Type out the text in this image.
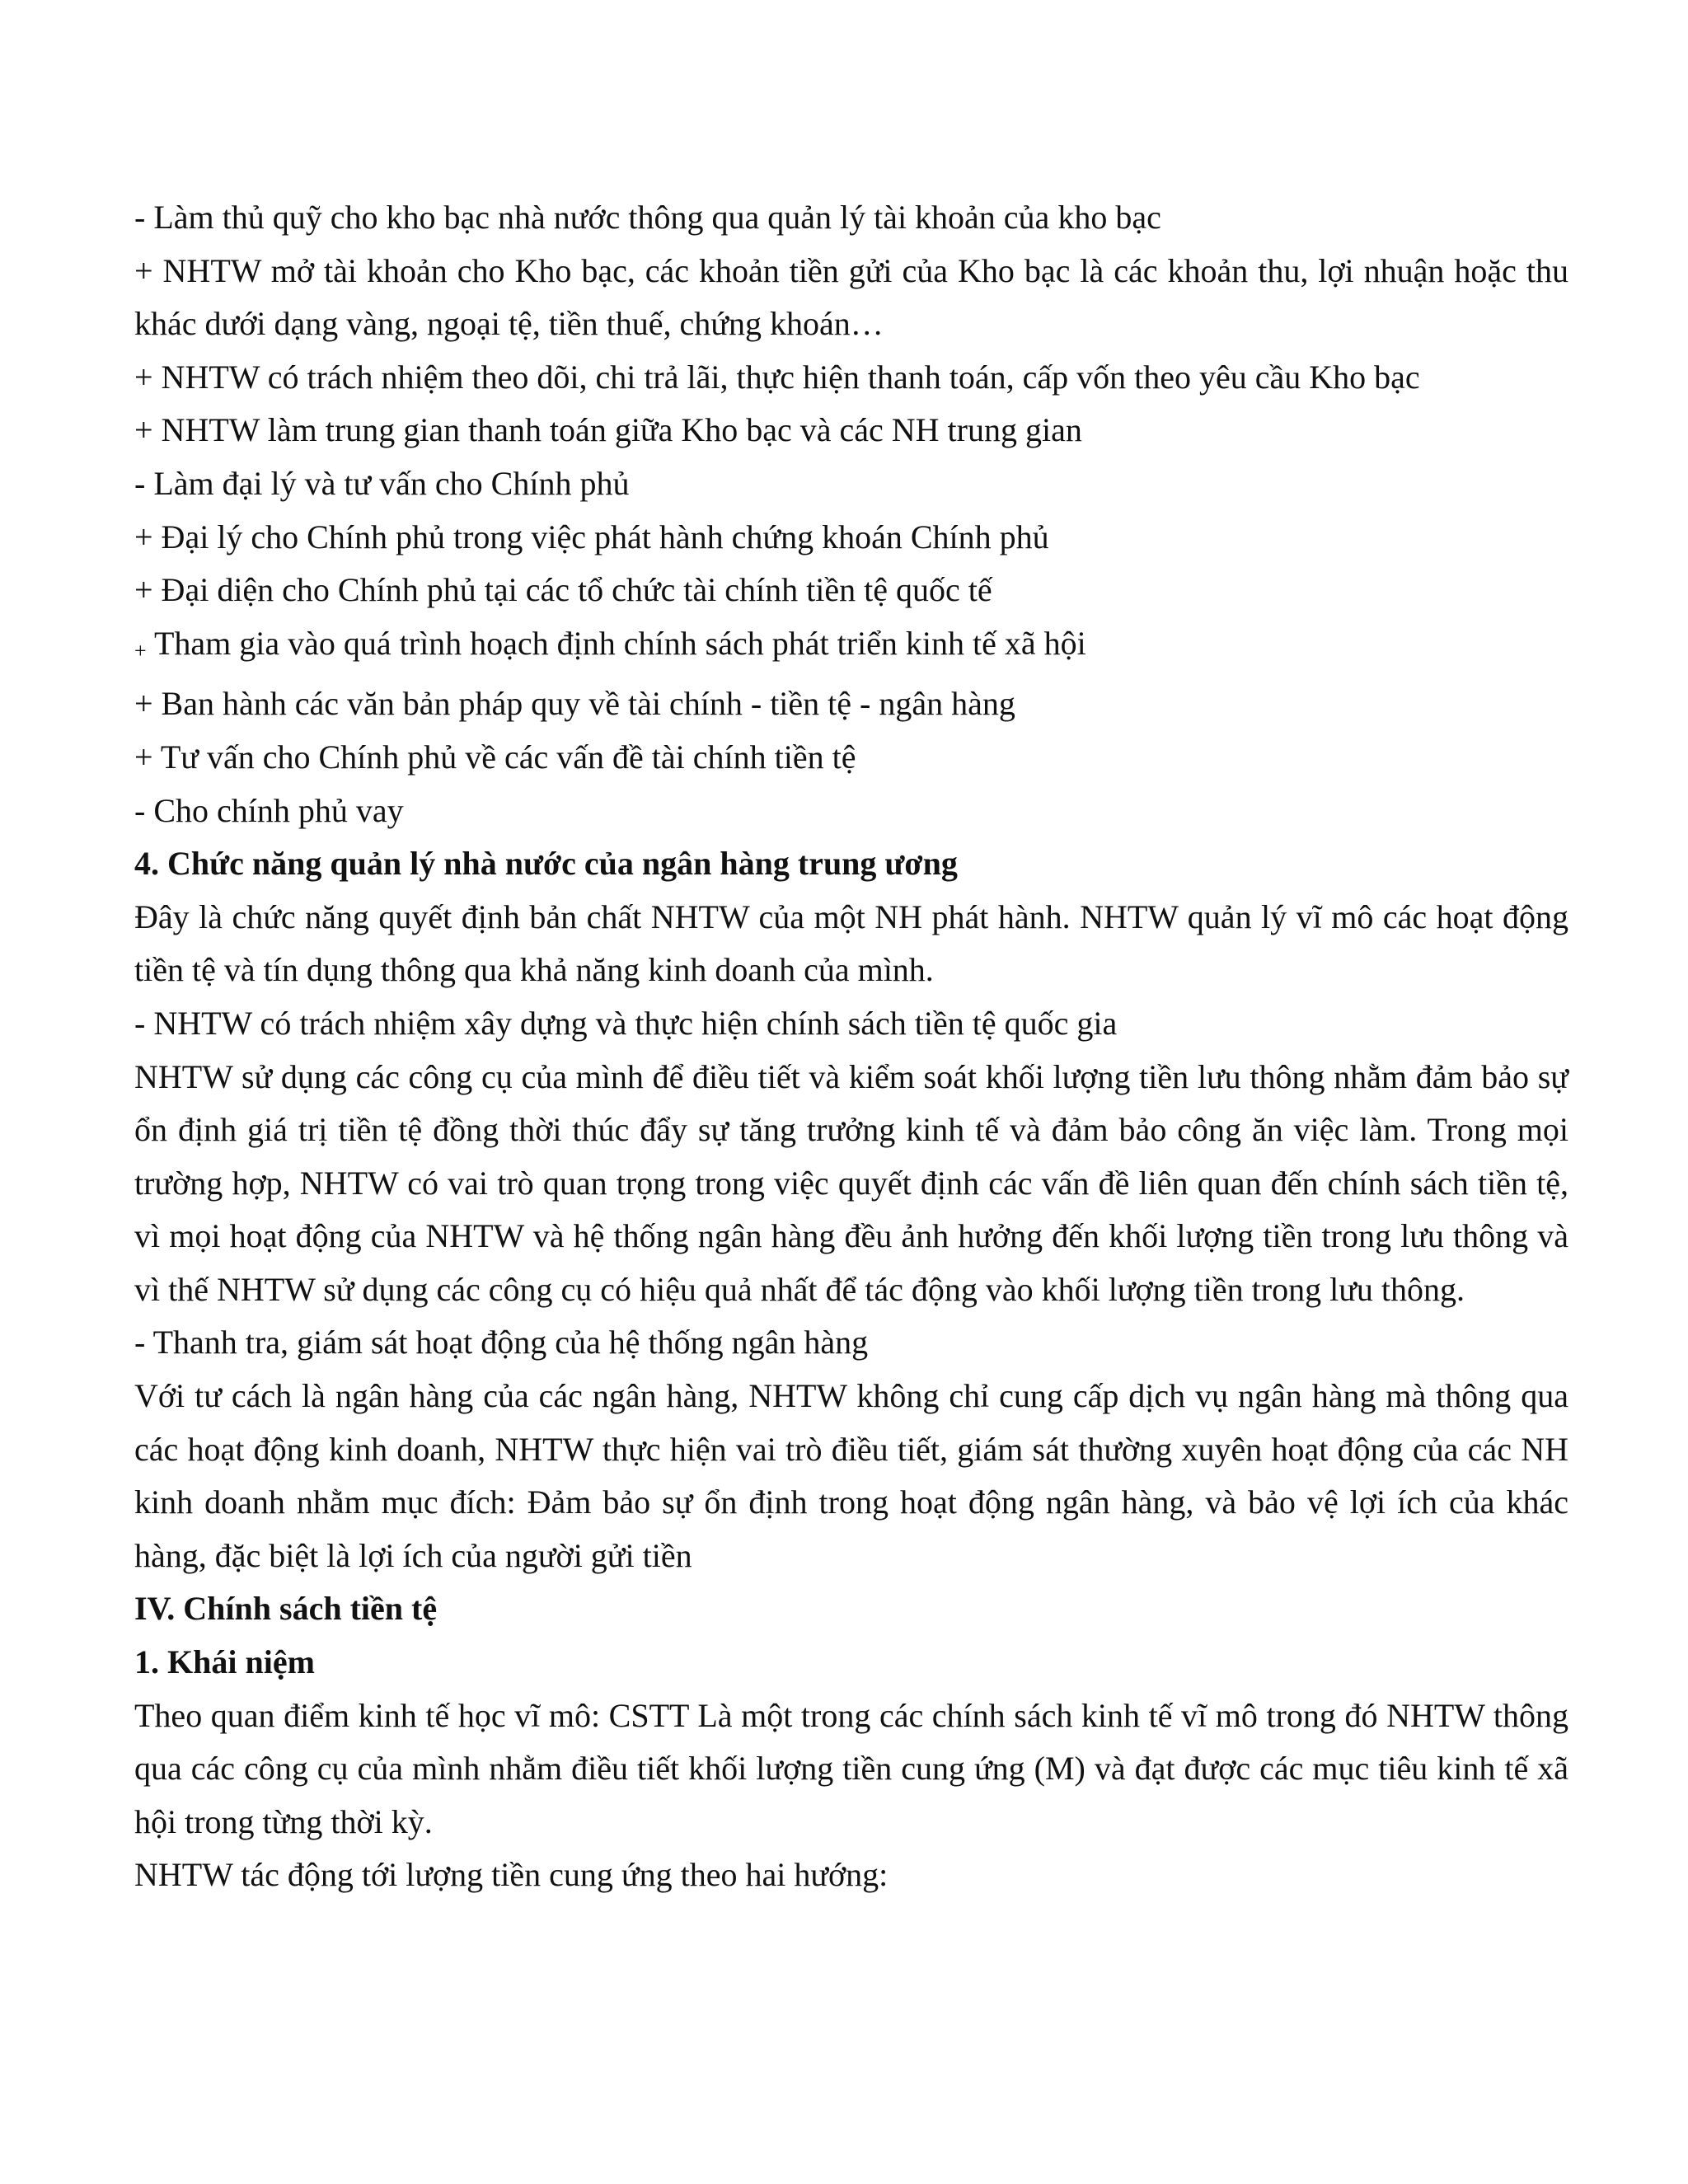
- Làm thủ quỹ cho kho bạc nhà nước thông qua quản lý tài khoản của kho bạc
+ NHTW mở tài khoản cho Kho bạc, các khoản tiền gửi của Kho bạc là các khoản thu, lợi nhuận hoặc thu khác dưới dạng vàng, ngoại tệ, tiền thuế, chứng khoán…
+ NHTW có trách nhiệm theo dõi, chi trả lãi, thực hiện thanh toán, cấp vốn theo yêu cầu Kho bạc
+ NHTW làm trung gian thanh toán giữa Kho bạc và các NH trung gian
- Làm đại lý và tư vấn cho Chính phủ
+ Đại lý cho Chính phủ trong việc phát hành chứng khoán Chính phủ
+ Đại diện cho Chính phủ tại các tổ chức tài chính tiền tệ quốc tế
+ Tham gia vào quá trình hoạch định chính sách phát triển kinh tế xã hội
+ Ban hành các văn bản pháp quy về tài chính - tiền tệ - ngân hàng
+ Tư vấn cho Chính phủ về các vấn đề tài chính tiền tệ
- Cho chính phủ vay
4. Chức năng quản lý nhà nước của ngân hàng trung ương
Đây là chức năng quyết định bản chất NHTW của một NH phát hành. NHTW quản lý vĩ mô các hoạt động tiền tệ và tín dụng thông qua khả năng kinh doanh của mình.
- NHTW có trách nhiệm xây dựng và thực hiện chính sách tiền tệ quốc gia
NHTW sử dụng các công cụ của mình để điều tiết và kiểm soát khối lượng tiền lưu thông nhằm đảm bảo sự ổn định giá trị tiền tệ đồng thời thúc đẩy sự tăng trưởng kinh tế và đảm bảo công ăn việc làm. Trong mọi trường hợp, NHTW có vai trò quan trọng trong việc quyết định các vấn đề liên quan đến chính sách tiền tệ, vì mọi hoạt động của NHTW và hệ thống ngân hàng đều ảnh hưởng đến khối lượng tiền trong lưu thông và vì thế NHTW sử dụng các công cụ có hiệu quả nhất để tác động vào khối lượng tiền trong lưu thông.
- Thanh tra, giám sát hoạt động của hệ thống ngân hàng
Với tư cách là ngân hàng của các ngân hàng, NHTW không chỉ cung cấp dịch vụ ngân hàng mà thông qua các hoạt động kinh doanh, NHTW thực hiện vai trò điều tiết, giám sát thường xuyên hoạt động của các NH kinh doanh nhằm mục đích: Đảm bảo sự ổn định trong hoạt động ngân hàng, và bảo vệ lợi ích của khác hàng, đặc biệt là lợi ích của người gửi tiền
IV. Chính sách tiền tệ
1. Khái niệm
Theo quan điểm kinh tế học vĩ mô: CSTT Là một trong các chính sách kinh tế vĩ mô trong đó NHTW thông qua các công cụ của mình nhằm điều tiết khối lượng tiền cung ứng (M) và đạt được các mục tiêu kinh tế xã hội trong từng thời kỳ.
NHTW tác động tới lượng tiền cung ứng theo hai hướng:
